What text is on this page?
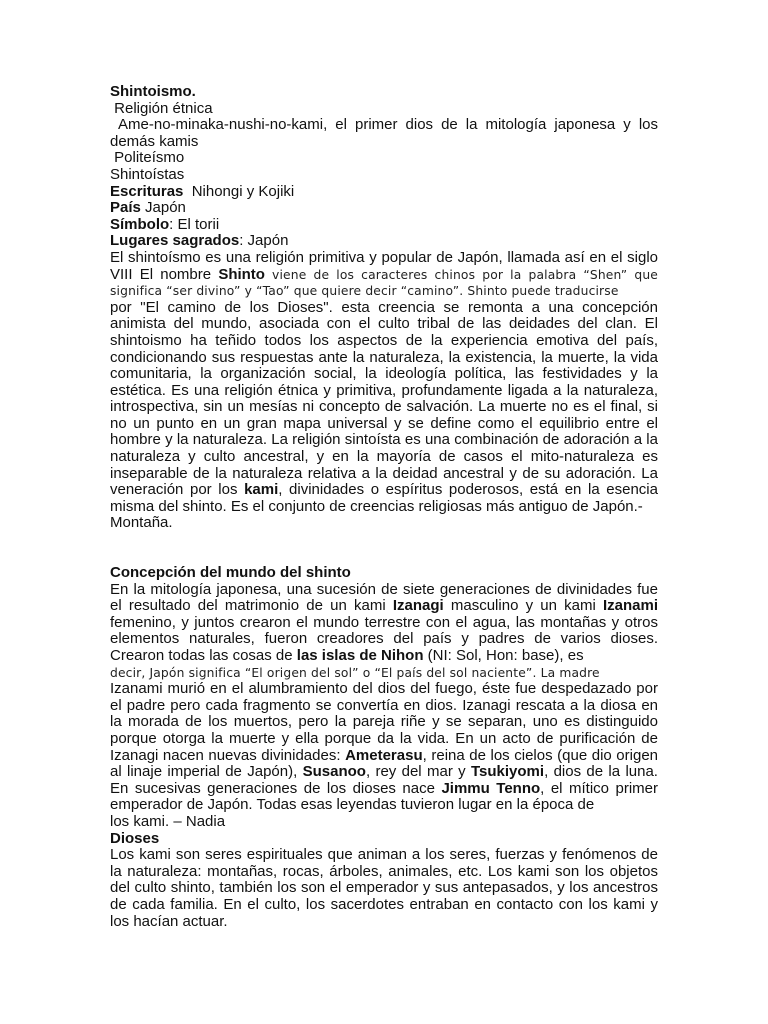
Shintoismo.
Religión étnica
Ame-no-minaka-nushi-no-kami, el primer dios de la mitología japonesa y los demás kamis
Politeísmo
Shintoístas
Escrituras  Nihongi y Kojiki
País Japón
Símbolo: El torii
Lugares sagrados: Japón
El shintoísmo es una religión primitiva y popular de Japón, llamada así en el siglo VIII El nombre Shinto viene de los caracteres chinos por la palabra “Shen” que significa “ser divino” y “Tao” que quiere decir “camino”. Shinto puede traducirse
por "El camino de los Dioses". esta creencia se remonta a una concepción animista del mundo, asociada con el culto tribal de las deidades del clan. El shintoismo ha teñido todos los aspectos de la experiencia emotiva del país, condicionando sus respuestas ante la naturaleza, la existencia, la muerte, la vida comunitaria, la organización social, la ideología política, las festividades y la estética. Es una religión étnica y primitiva, profundamente ligada a la naturaleza, introspectiva, sin un mesías ni concepto de salvación. La muerte no es el final, si no un punto en un gran mapa universal y se define como el equilibrio entre el hombre y la naturaleza. La religión sintoísta es una combinación de adoración a la naturaleza y culto ancestral, y en la mayoría de casos el mito-naturaleza es inseparable de la naturaleza relativa a la deidad ancestral y de su adoración. La veneración por los kami, divinidades o espíritus poderosos, está en la esencia misma del shinto. Es el conjunto de creencias religiosas más antiguo de Japón.-
Montaña.
Concepción del mundo del shinto
En la mitología japonesa, una sucesión de siete generaciones de divinidades fue el resultado del matrimonio de un kami Izanagi masculino y un kami Izanami femenino, y juntos crearon el mundo terrestre con el agua, las montañas y otros elementos naturales, fueron creadores del país y padres de varios dioses.  Crearon todas las cosas de las islas de Nihon (NI: Sol, Hon: base), es
decir, Japón significa “El origen del sol” o “El país del sol naciente”. La madre
Izanami murió en el alumbramiento del dios del fuego, éste fue despedazado por el padre pero cada fragmento se convertía en dios. Izanagi rescata a la diosa en la morada de los muertos, pero la pareja riñe y se separan, uno es distinguido porque otorga la muerte y ella porque da la vida. En un acto de purificación de Izanagi nacen nuevas divinidades: Ameterasu, reina de los cielos (que dio origen al linaje imperial de Japón), Susanoo, rey del mar y Tsukiyomi, dios de la luna. En sucesivas generaciones de los dioses nace Jimmu Tenno, el mítico primer emperador de Japón. Todas esas leyendas tuvieron lugar en la época de
los kami. – Nadia
Dioses
Los kami son seres espirituales que animan a los seres, fuerzas y fenómenos de la naturaleza: montañas, rocas, árboles, animales, etc. Los kami son los objetos del culto shinto, también los son el emperador y sus antepasados, y los ancestros de cada familia. En el culto, los sacerdotes entraban en contacto con los kami y los hacían actuar.
